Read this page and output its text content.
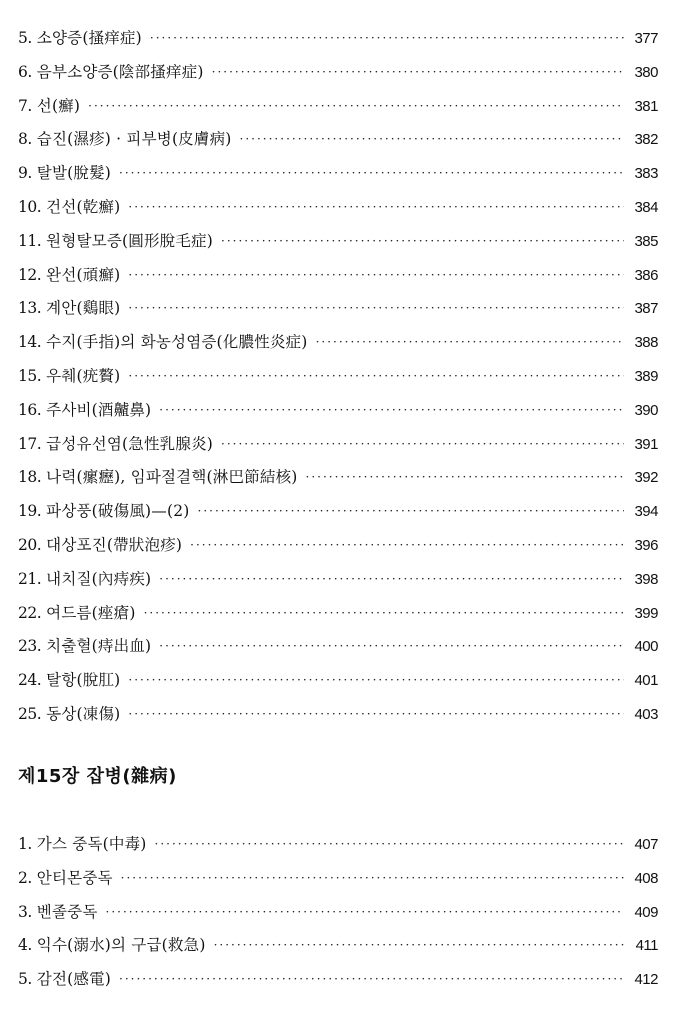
5. 소양증(搔痒症) ·····	377
6. 음부소양증(陰部搔痒症) ·····	380
7. 선(癬) ·····	381
8. 습진(濕疹) · 피부병(皮膚病) ·····	382
9. 탈발(脫髮) ·····	383
10. 건선(乾癬) ·····	384
11. 원형탈모증(圓形脫毛症) ·····	385
12. 완선(頑癬) ·····	386
13. 계안(鷄眼) ·····	387
14. 수지(手指)의 화농성염증(化膿性炎症) ·····	388
15. 우췌(疣贅) ·····	389
16. 주사비(酒齇鼻) ·····	390
17. 급성유선염(急性乳腺炎) ·····	391
18. 나력(瘰癧), 임파절결핵(淋巴節結核) ·····	392
19. 파상풍(破傷風)—(2) ·····	394
20. 대상포진(帶狀泡疹) ·····	396
21. 내치질(內痔疾) ·····	398
22. 여드름(痤瘡) ·····	399
23. 치출혈(痔出血) ·····	400
24. 탈항(脫肛) ·····	401
25. 동상(凍傷) ·····	403
제15장 잡병(雜病)
1. 가스 중독(中毒) ·····	407
2. 안티몬중독 ·····	408
3. 벤졸중독 ·····	409
4. 익수(溺水)의 구급(救急) ·····	411
5. 감전(感電) ·····	412
